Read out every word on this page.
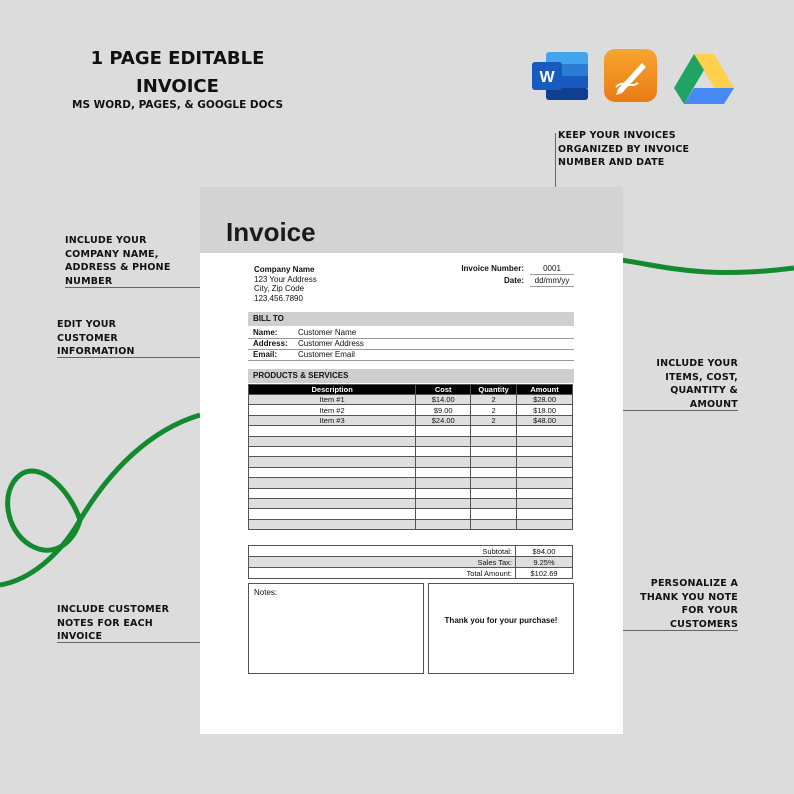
1 PAGE EDITABLE
INVOICE
MS WORD, PAGES, & GOOGLE DOCS
W
KEEP YOUR INVOICES
ORGANIZED BY INVOICE
NUMBER AND DATE
INCLUDE YOUR
COMPANY NAME,
ADDRESS & PHONE
NUMBER
EDIT YOUR
CUSTOMER
INFORMATION
INCLUDE YOUR
ITEMS, COST,
QUANTITY &
AMOUNT
INCLUDE CUSTOMER
NOTES FOR EACH
INVOICE
PERSONALIZE A
THANK YOU NOTE
FOR YOUR
CUSTOMERS
Invoice
Company Name
123 Your Address
City, Zip Code
123.456.7890
Invoice Number:	0001
Date:	dd/mm/yy
BILL TO
Name:	Customer Name
Address: Customer Address
Email:	Customer Email
PRODUCTS & SERVICES
Description	Cost	Quantity	Amount
Item #1	$14.00	2	$28.00
Item #2	$9.00	2	$18.00
Item #3	$24.00	2	$48.00

Subtotal:	$94.00
Sales Tax:	9.25%
Total Amount:	$102.69
Notes:
Thank you for your purchase!
